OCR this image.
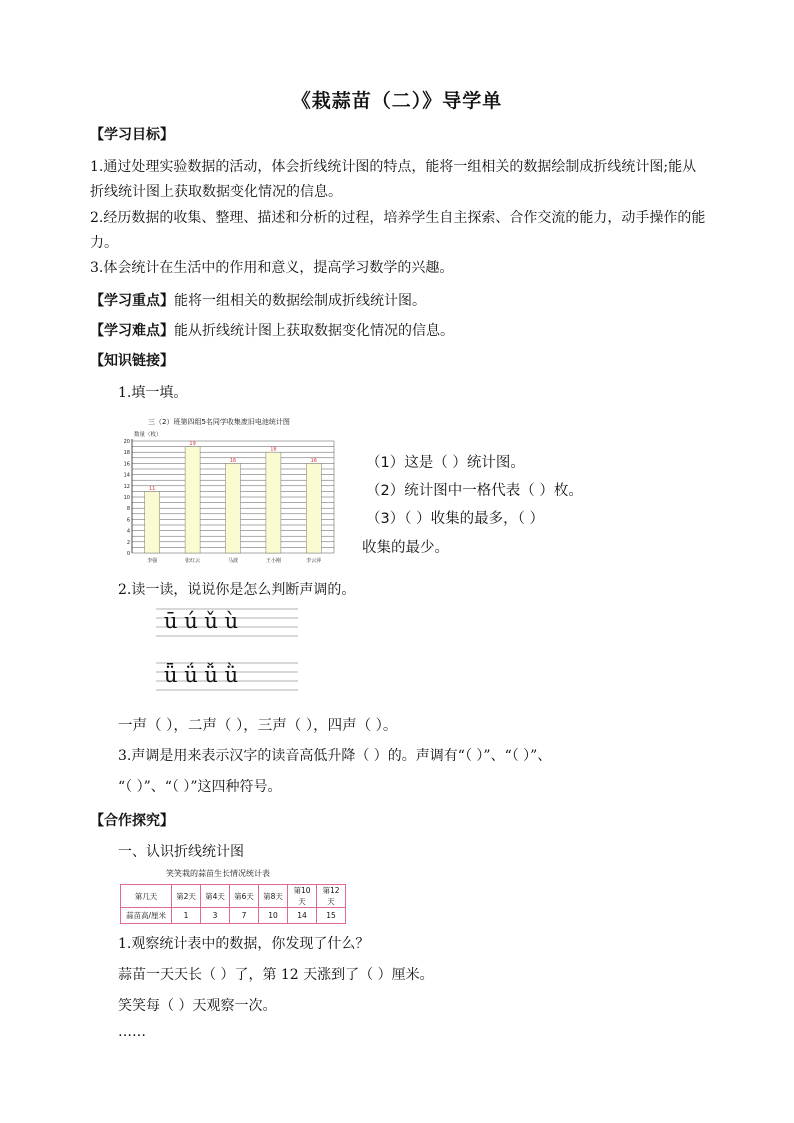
《栽蒜苗（二）》导学单
【学习目标】
1.通过处理实验数据的活动，体会折线统计图的特点，能将一组相关的数据绘制成折线统计图;能从
折线统计图上获取数据变化情况的信息。
2.经历数据的收集、整理、描述和分析的过程，培养学生自主探索、合作交流的能力，动手操作的能
力。
3.体会统计在生活中的作用和意义，提高学习数学的兴趣。
【学习重点】能将一组相关的数据绘制成折线统计图。
【学习难点】能从折线统计图上获取数据变化情况的信息。
【知识链接】
1.填一填。
三（2）班第四组5名同学收集废旧电池统计图
数量（枚）
0
2
4
6
8
10
12
14
16
18
20
11
李强
19
张红云
16
马波
18
王小刚
16
李云萍
（1）这是（ ）统计图。
（2）统计图中一格代表（ ）枚。
（3）（ ）收集的最多，（ ）
收集的最少。
2.读一读，说说你是怎么判断声调的。
ū ú ǔ ù
ǖ ǘ ǚ ǜ
一声（ ），二声（ ），三声（ ），四声（ ）。
3.声调是用来表示汉字的读音高低升降（ ）的。声调有“（ ）”、“（ ）”、
“（ ）”、“（ ）”这四种符号。
【合作探究】
一、认识折线统计图
笑笑栽的蒜苗生长情况统计表
第几天	第2天	第4天	第6天	第8天	第10天	第12天
蒜苗高/厘米	1	3	7	10	14	15
1.观察统计表中的数据，你发现了什么？
蒜苗一天天长（ ）了，第 12 天涨到了（ ）厘米。
笑笑每（ ）天观察一次。
……
